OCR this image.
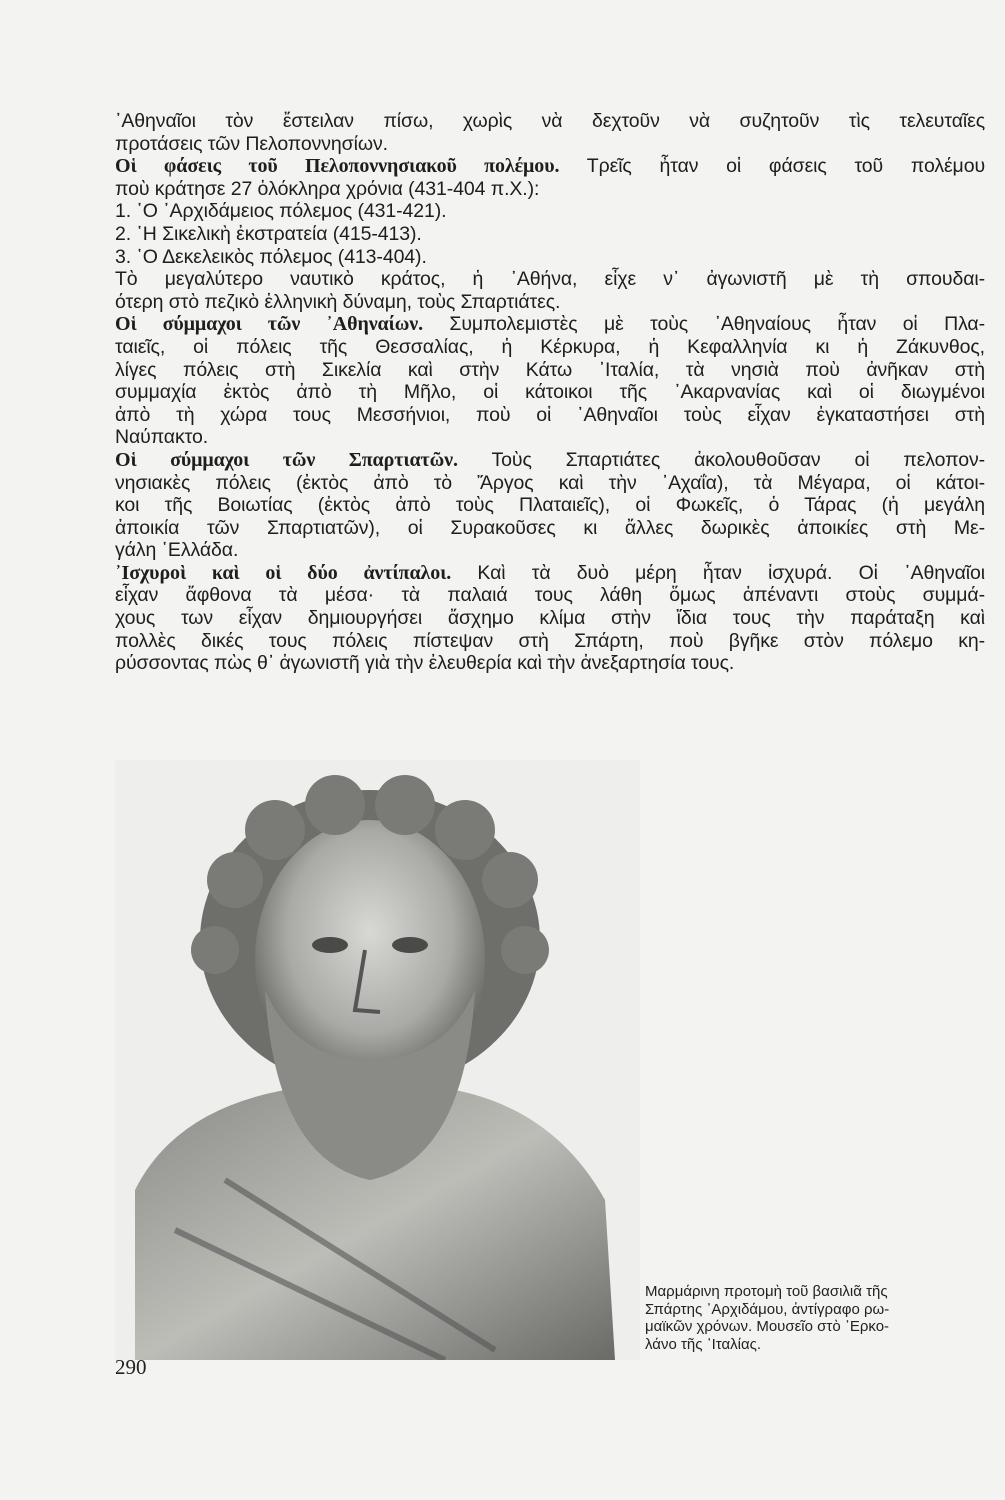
᾿Αθηναῖοι τὸν ἔστειλαν πίσω, χωρὶς νὰ δεχτοῦν νὰ συζητοῦν τὶς τελευταῖες
προτάσεις τῶν Πελοποννησίων.
Οἱ φάσεις τοῦ Πελοποννησιακοῦ πολέμου. Τρεῖς ἦταν οἱ φάσεις τοῦ πολέμου
ποὺ κράτησε 27 ὁλόκληρα χρόνια (431-404 π.Χ.):
1. ῾Ο ᾿Αρχιδάμειος πόλεμος (431-421).
2. ῾Η Σικελικὴ ἐκστρατεία (415-413).
3. ῾Ο Δεκελεικὸς πόλεμος (413-404).
Τὸ μεγαλύτερο ναυτικὸ κράτος, ἡ ᾿Αθήνα, εἶχε ν᾿ ἀγωνιστῆ μὲ τὴ σπουδαι-
ότερη στὸ πεζικὸ ἑλληνικὴ δύναμη, τοὺς Σπαρτιάτες.
Οἱ σύμμαχοι τῶν ᾿Αθηναίων. Συμπολεμιστὲς μὲ τοὺς ᾿Αθηναίους ἦταν οἱ Πλα-
ταιεῖς, οἱ πόλεις τῆς Θεσσαλίας, ἡ Κέρκυρα, ἡ Κεφαλληνία κι ἡ Ζάκυνθος,
λίγες πόλεις στὴ Σικελία καὶ στὴν Κάτω ᾿Ιταλία, τὰ νησιὰ ποὺ ἀνῆκαν στὴ
συμμαχία ἐκτὸς ἀπὸ τὴ Μῆλο, οἱ κάτοικοι τῆς ᾿Ακαρνανίας καὶ οἱ διωγμένοι
ἀπὸ τὴ χώρα τους Μεσσήνιοι, ποὺ οἱ ᾿Αθηναῖοι τοὺς εἶχαν ἐγκαταστήσει στὴ
Ναύπακτο.
Οἱ σύμμαχοι τῶν Σπαρτιατῶν. Τοὺς Σπαρτιάτες ἀκολουθοῦσαν οἱ πελοπον-
νησιακὲς πόλεις (ἐκτὸς ἀπὸ τὸ Ἄργος καὶ τὴν ᾿Αχαΐα), τὰ Μέγαρα, οἱ κάτοι-
κοι τῆς Βοιωτίας (ἐκτὸς ἀπὸ τοὺς Πλαταιεῖς), οἱ Φωκεῖς, ὁ Τάρας (ἡ μεγάλη
ἀποικία τῶν Σπαρτιατῶν), οἱ Συρακοῦσες κι ἄλλες δωρικὲς ἀποικίες στὴ Με-
γάλη ῾Ελλάδα.
᾿Ισχυροὶ καὶ οἱ δύο ἀντίπαλοι. Καὶ τὰ δυὸ μέρη ἦταν ἰσχυρά. Οἱ ᾿Αθηναῖοι
εἶχαν ἄφθονα τὰ μέσα· τὰ παλαιά τους λάθη ὅμως ἀπέναντι στοὺς συμμά-
χους των εἶχαν δημιουργήσει ἄσχημο κλίμα στὴν ἴδια τους τὴν παράταξη καὶ
πολλὲς δικές τους πόλεις πίστεψαν στὴ Σπάρτη, ποὺ βγῆκε στὸν πόλεμο κη-
ρύσσοντας πὼς θ᾿ ἀγωνιστῆ γιὰ τὴν ἐλευθερία καὶ τὴν ἀνεξαρτησία τους.
Μαρμάρινη προτομὴ τοῦ βασιλιᾶ τῆς
Σπάρτης ᾿Αρχιδάμου, ἀντίγραφο ρω-
μαϊκῶν χρόνων. Μουσεῖο στὸ ᾿Ερκο-
λάνο τῆς ᾿Ιταλίας.
290
